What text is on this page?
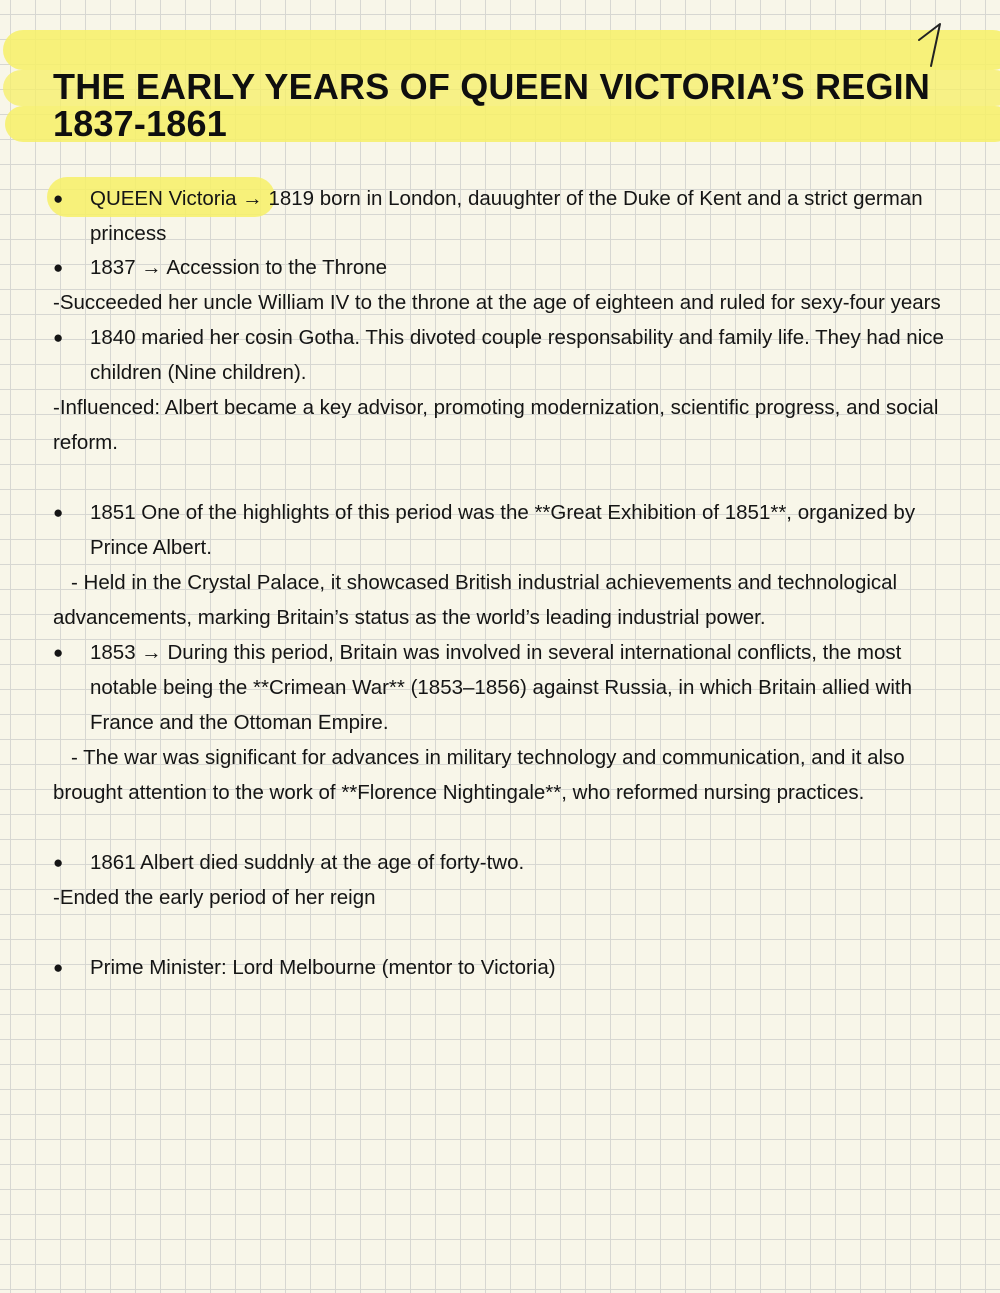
THE EARLY YEARS OF QUEEN VICTORIA’S REGIN 1837-1861
● QUEEN Victoria → 1819 born in London, dauughter of the Duke of Kent and a strict german princess
● 1837 → Accession to the Throne
-Succeeded her uncle William IV to the throne at the age of eighteen and ruled for sexy-four years
● 1840 maried her cosin Gotha. This divoted couple responsability and family life. They had nice children (Nine children).
-Influenced: Albert became a key advisor, promoting modernization, scientific progress, and social reform.
● 1851 One of the highlights of this period was the **Great Exhibition of 1851**, organized by Prince Albert.
- Held in the Crystal Palace, it showcased British industrial achievements and technological advancements, marking Britain’s status as the world’s leading industrial power.
● 1853 → During this period, Britain was involved in several international conflicts, the most notable being the **Crimean War** (1853–1856) against Russia, in which Britain allied with France and the Ottoman Empire.
- The war was significant for advances in military technology and communication, and it also brought attention to the work of **Florence Nightingale**, who reformed nursing practices.
● 1861 Albert died suddnly at the age of forty-two.
-Ended the early period of her reign
● Prime Minister: Lord Melbourne (mentor to Victoria)
